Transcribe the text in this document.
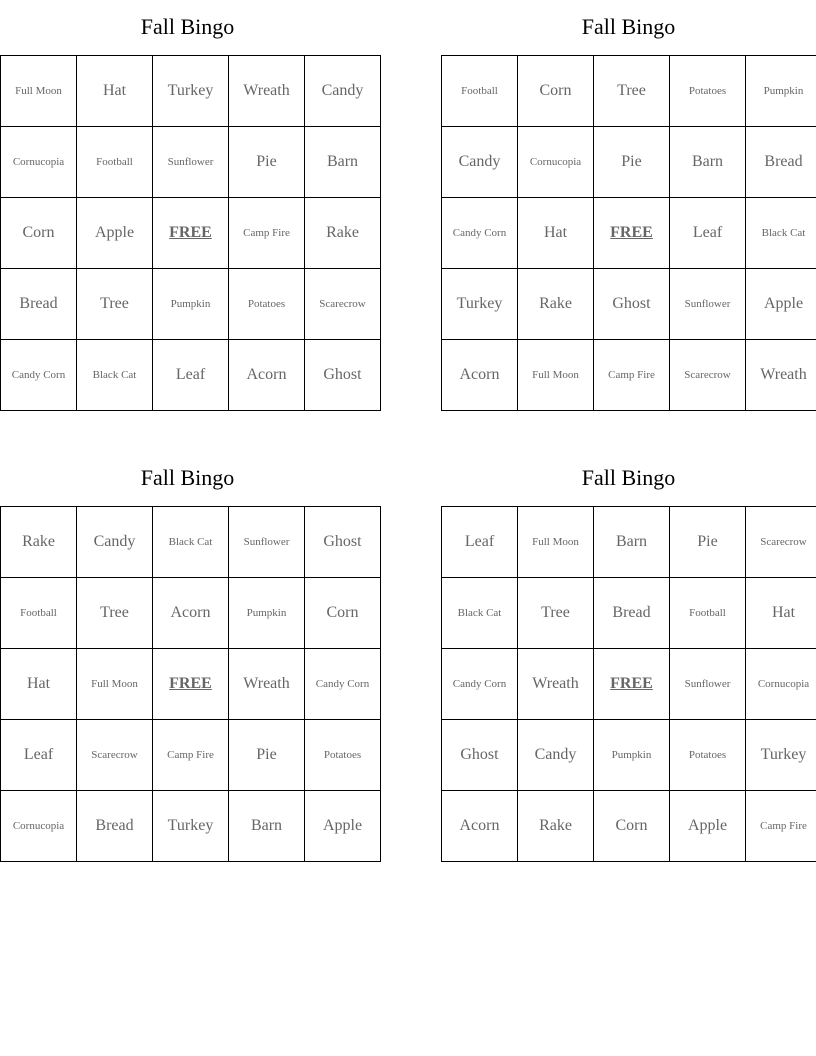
Fall Bingo
Full Moon	Hat	Turkey	Wreath	Candy
Cornucopia	Football	Sunflower	Pie	Barn
Corn	Apple	FREE	Camp Fire	Rake
Bread	Tree	Pumpkin	Potatoes	Scarecrow
Candy Corn	Black Cat	Leaf	Acorn	Ghost
Fall Bingo
Football	Corn	Tree	Potatoes	Pumpkin
Candy	Cornucopia	Pie	Barn	Bread
Candy Corn	Hat	FREE	Leaf	Black Cat
Turkey	Rake	Ghost	Sunflower	Apple
Acorn	Full Moon	Camp Fire	Scarecrow	Wreath
Fall Bingo
Rake	Candy	Black Cat	Sunflower	Ghost
Football	Tree	Acorn	Pumpkin	Corn
Hat	Full Moon	FREE	Wreath	Candy Corn
Leaf	Scarecrow	Camp Fire	Pie	Potatoes
Cornucopia	Bread	Turkey	Barn	Apple
Fall Bingo
Leaf	Full Moon	Barn	Pie	Scarecrow
Black Cat	Tree	Bread	Football	Hat
Candy Corn	Wreath	FREE	Sunflower	Cornucopia
Ghost	Candy	Pumpkin	Potatoes	Turkey
Acorn	Rake	Corn	Apple	Camp Fire
